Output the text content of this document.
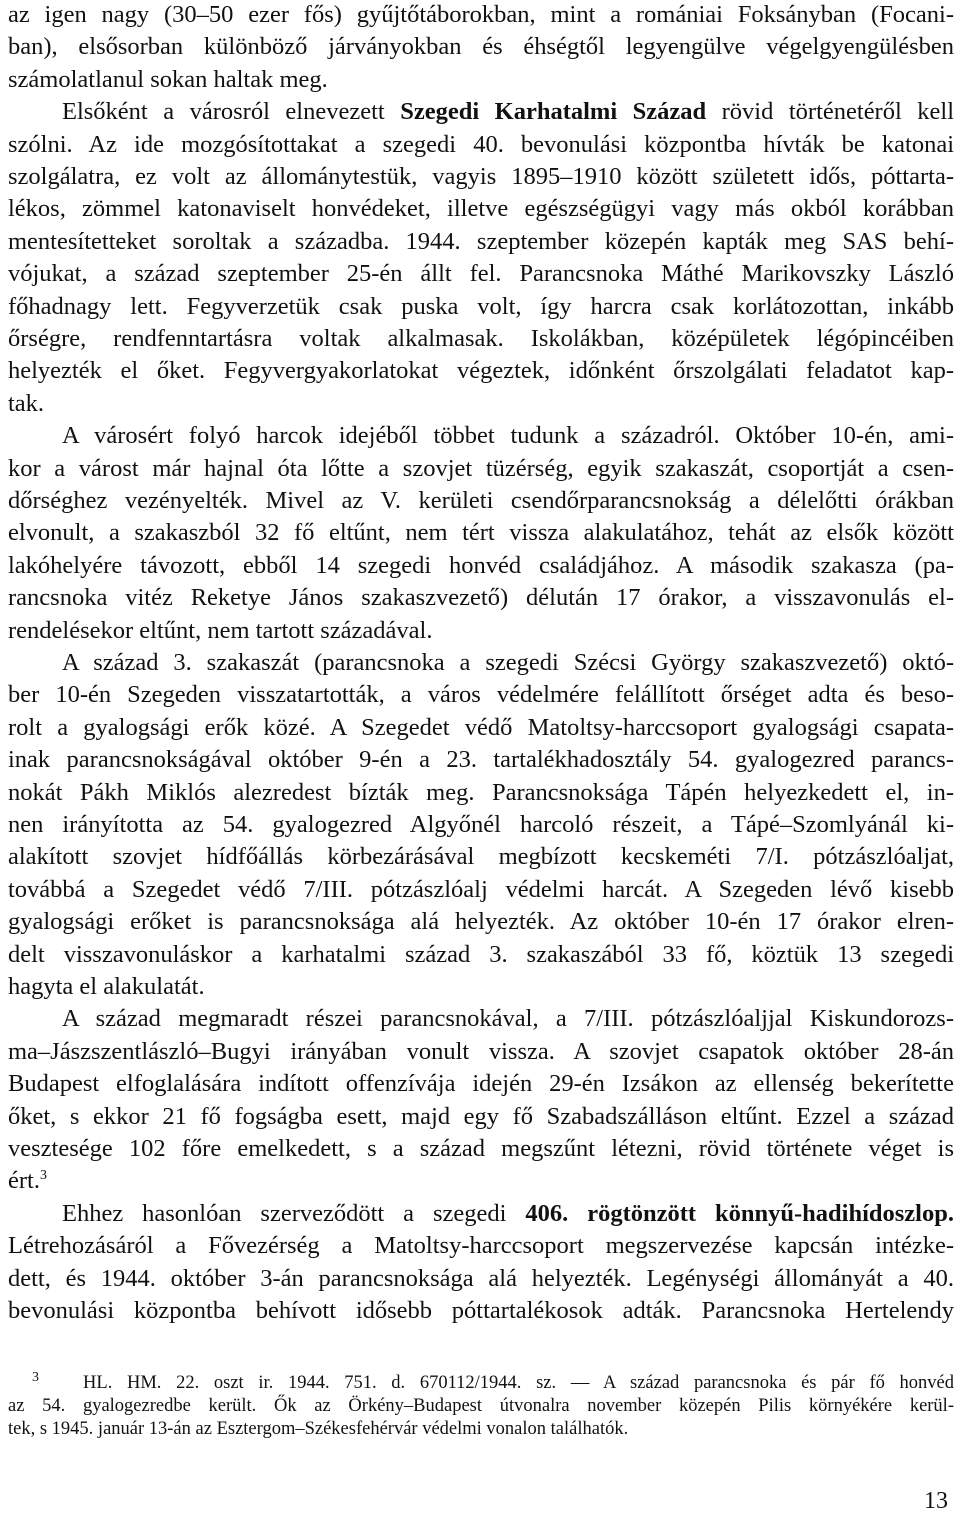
az igen nagy (30–50 ezer fős) gyűjtőtáborokban, mint a romániai Foksányban (Focani-
ban), elsősorban különböző járványokban és éhségtől legyengülve végelgyengülésben
számolatlanul sokan haltak meg.
Elsőként a városról elnevezett Szegedi Karhatalmi Század rövid történetéről kell
szólni. Az ide mozgósítottakat a szegedi 40. bevonulási központba hívták be katonai
szolgálatra, ez volt az állománytestük, vagyis 1895–1910 között született idős, póttarta-
lékos, zömmel katonaviselt honvédeket, illetve egészségügyi vagy más okból korábban
mentesítetteket soroltak a századba. 1944. szeptember közepén kapták meg SAS behí-
vójukat, a század szeptember 25-én állt fel. Parancsnoka Máthé Marikovszky László
főhadnagy lett. Fegyverzetük csak puska volt, így harcra csak korlátozottan, inkább
őrségre, rendfenntartásra voltak alkalmasak. Iskolákban, középületek légópincéiben
helyezték el őket. Fegyvergyakorlatokat végeztek, időnként őrszolgálati feladatot kap-
tak.
A városért folyó harcok idejéből többet tudunk a századról. Október 10-én, ami-
kor a várost már hajnal óta lőtte a szovjet tüzérség, egyik szakaszát, csoportját a csen-
dőrséghez vezényelték. Mivel az V. kerületi csendőrparancsnokság a délelőtti órákban
elvonult, a szakaszból 32 fő eltűnt, nem tért vissza alakulatához, tehát az elsők között
lakóhelyére távozott, ebből 14 szegedi honvéd családjához. A második szakasza (pa-
rancsnoka vitéz Reketye János szakaszvezető) délután 17 órakor, a visszavonulás el-
rendelésekor eltűnt, nem tartott századával.
A század 3. szakaszát (parancsnoka a szegedi Szécsi György szakaszvezető) októ-
ber 10-én Szegeden visszatartották, a város védelmére felállított őrséget adta és beso-
rolt a gyalogsági erők közé. A Szegedet védő Matoltsy-harccsoport gyalogsági csapata-
inak parancsnokságával október 9-én a 23. tartalékhadosztály 54. gyalogezred parancs-
nokát Pákh Miklós alezredest bízták meg. Parancsnoksága Tápén helyezkedett el, in-
nen irányította az 54. gyalogezred Algyőnél harcoló részeit, a Tápé–Szomlyánál ki-
alakított szovjet hídfőállás körbezárásával megbízott kecskeméti 7/I. pótzászlóaljat,
továbbá a Szegedet védő 7/III. pótzászlóalj védelmi harcát. A Szegeden lévő kisebb
gyalogsági erőket is parancsnoksága alá helyezték. Az október 10-én 17 órakor elren-
delt visszavonuláskor a karhatalmi század 3. szakaszából 33 fő, köztük 13 szegedi
hagyta el alakulatát.
A század megmaradt részei parancsnokával, a 7/III. pótzászlóaljjal Kiskundorozs-
ma–Jászszentlászló–Bugyi irányában vonult vissza. A szovjet csapatok október 28-án
Budapest elfoglalására indított offenzívája idején 29-én Izsákon az ellenség bekerítette
őket, s ekkor 21 fő fogságba esett, majd egy fő Szabadszálláson eltűnt. Ezzel a század
vesztesége 102 főre emelkedett, s a század megszűnt létezni, rövid története véget is
ért.$^3$
Ehhez hasonlóan szerveződött a szegedi 406. rögtönzött könnyű-hadihídoszlop.
Létrehozásáról a Fővezérség a Matoltsy-harccsoport megszervezése kapcsán intézke-
dett, és 1944. október 3-án parancsnoksága alá helyezték. Legénységi állományát a 40.
bevonulási központba behívott idősebb póttartalékosok adták. Parancsnoka Hertelendy
$^3$ HL. HM. 22. oszt ir. 1944. 751. d. 670112/1944. sz. — A század parancsnoka és pár fő honvéd
az 54. gyalogezredbe került. Ők az Örkény–Budapest útvonalra november közepén Pilis környékére kerül-
tek, s 1945. január 13-án az Esztergom–Székesfehérvár védelmi vonalon találhatók.
13
